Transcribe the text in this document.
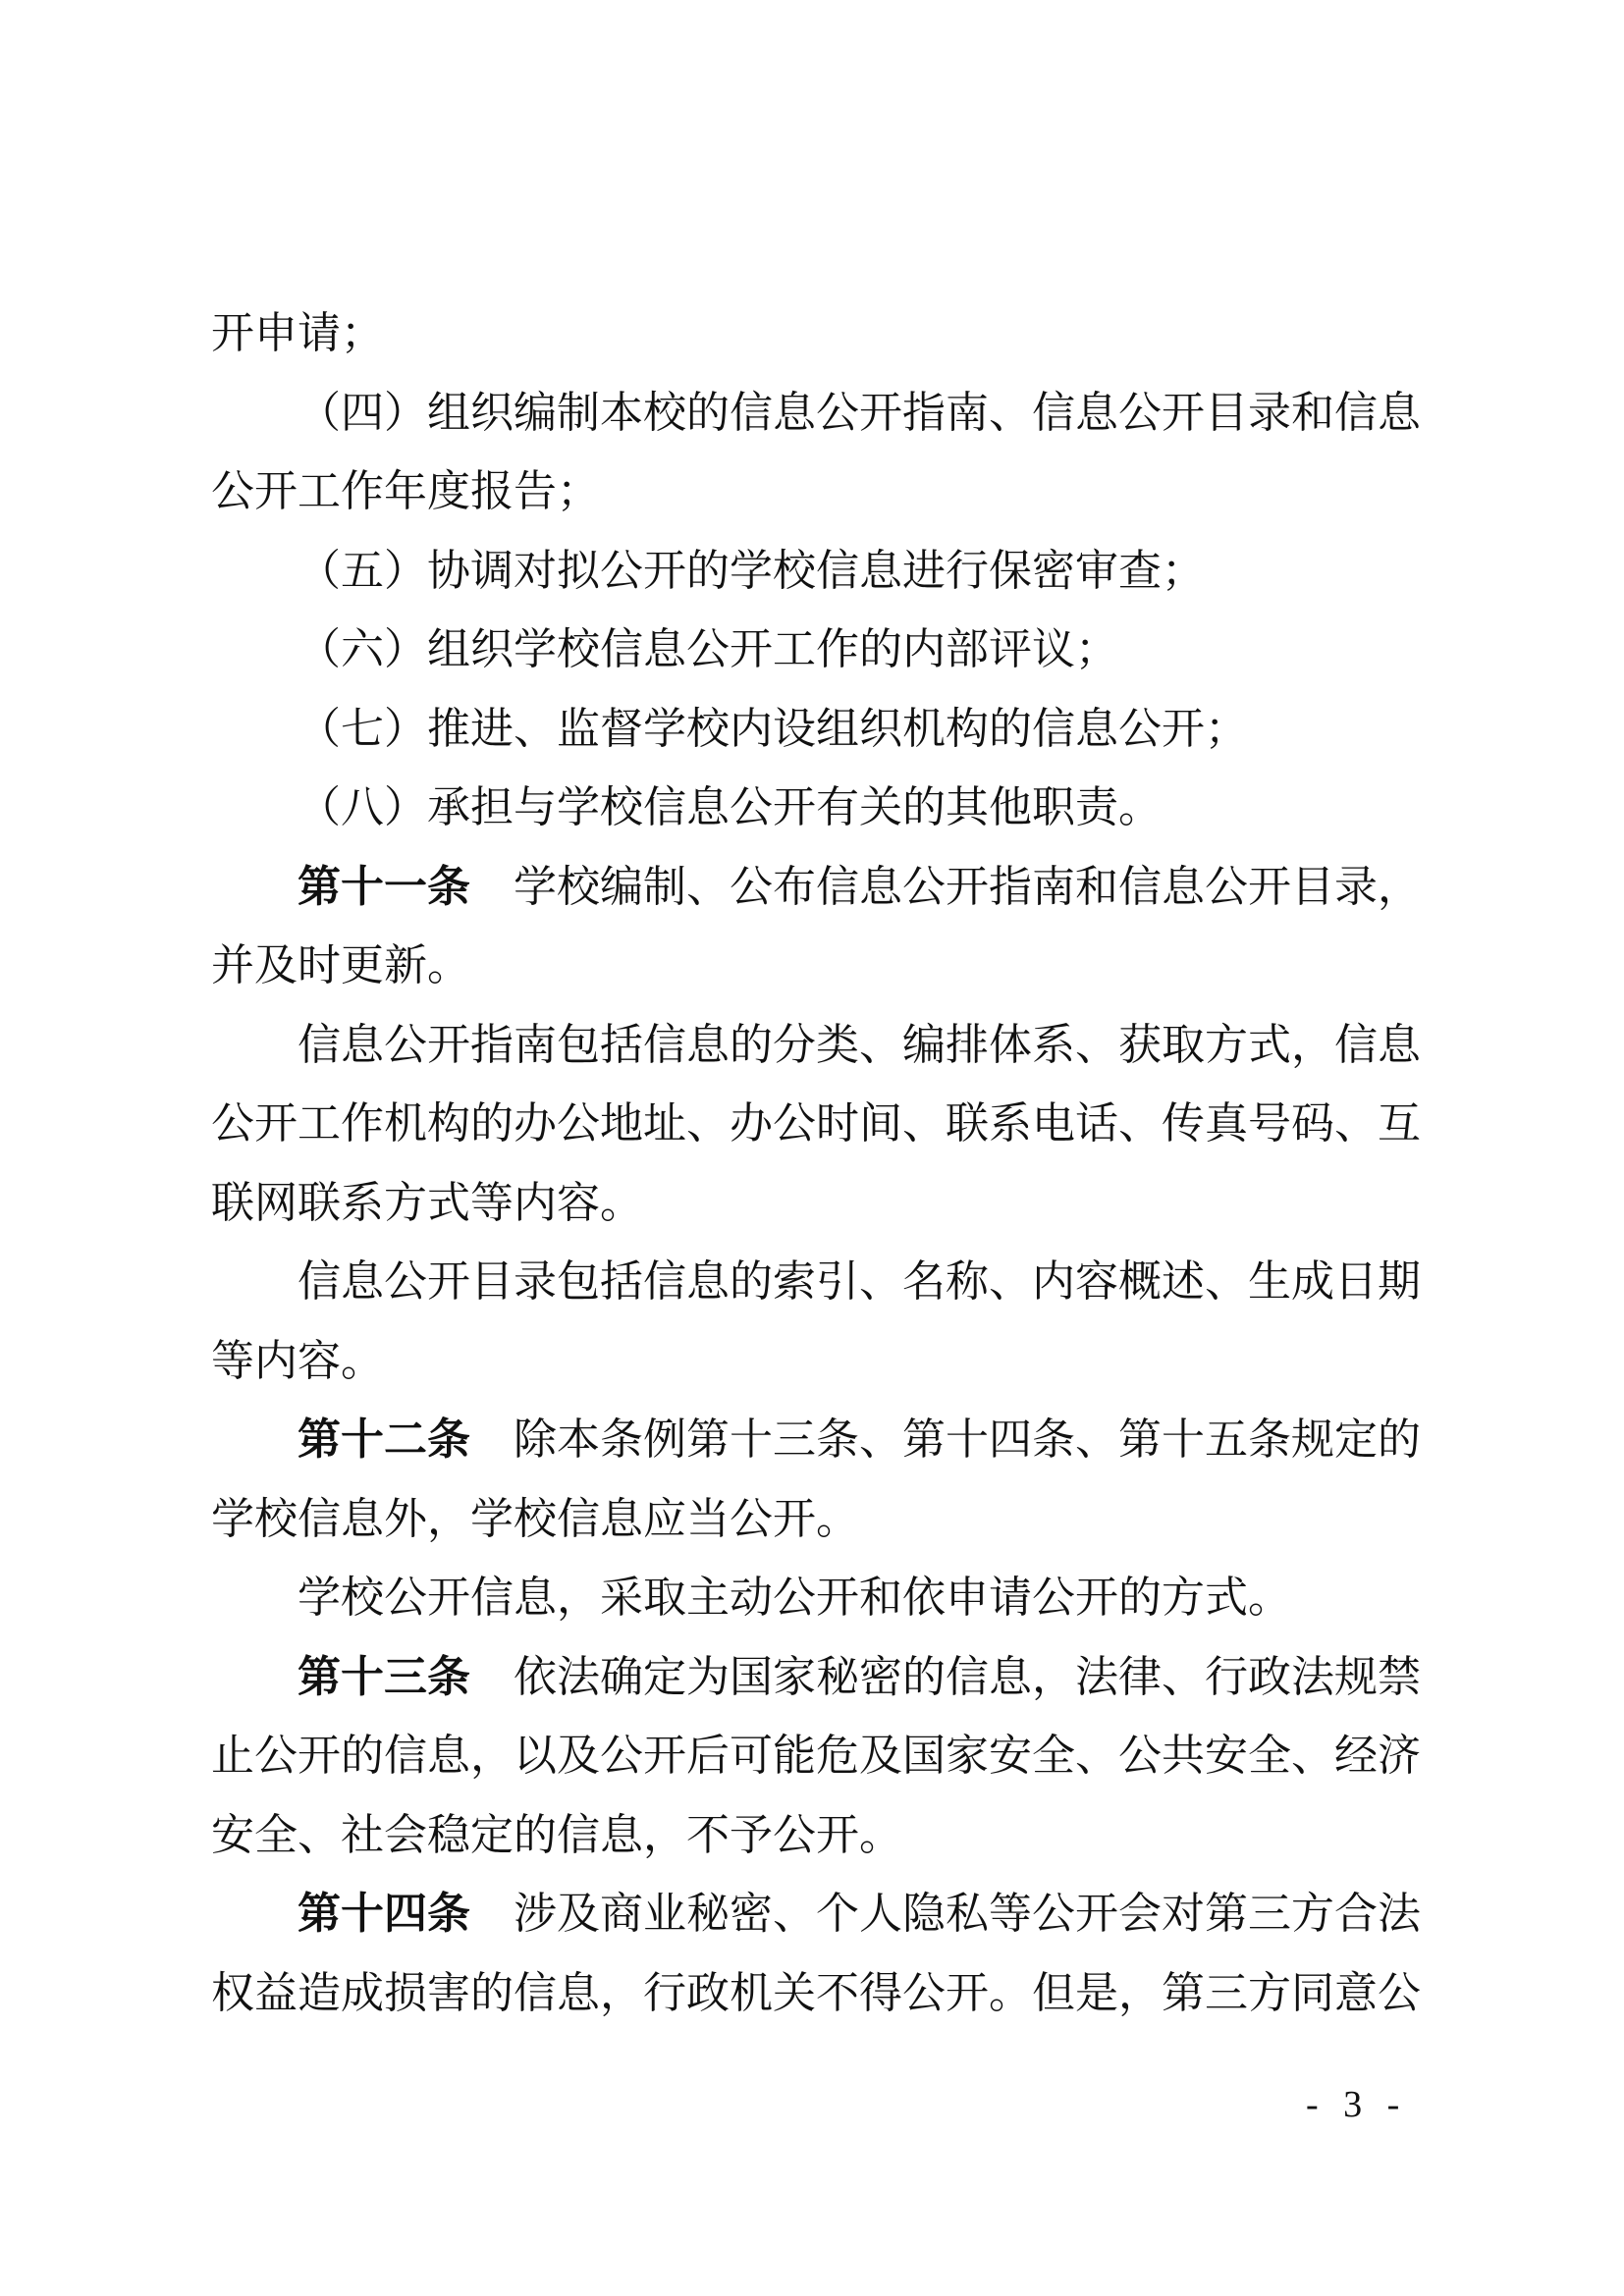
开申请；
（四）组织编制本校的信息公开指南、信息公开目录和信息
公开工作年度报告；
（五）协调对拟公开的学校信息进行保密审查；
（六）组织学校信息公开工作的内部评议；
（七）推进、监督学校内设组织机构的信息公开；
（八）承担与学校信息公开有关的其他职责。
第十一条　学校编制、公布信息公开指南和信息公开目录，
并及时更新。
信息公开指南包括信息的分类、编排体系、获取方式，信息
公开工作机构的办公地址、办公时间、联系电话、传真号码、互
联网联系方式等内容。
信息公开目录包括信息的索引、名称、内容概述、生成日期
等内容。
第十二条　除本条例第十三条、第十四条、第十五条规定的
学校信息外，学校信息应当公开。
学校公开信息，采取主动公开和依申请公开的方式。
第十三条　依法确定为国家秘密的信息，法律、行政法规禁
止公开的信息，以及公开后可能危及国家安全、公共安全、经济
安全、社会稳定的信息，不予公开。
第十四条　涉及商业秘密、个人隐私等公开会对第三方合法
权益造成损害的信息，行政机关不得公开。但是，第三方同意公
- 3 -
